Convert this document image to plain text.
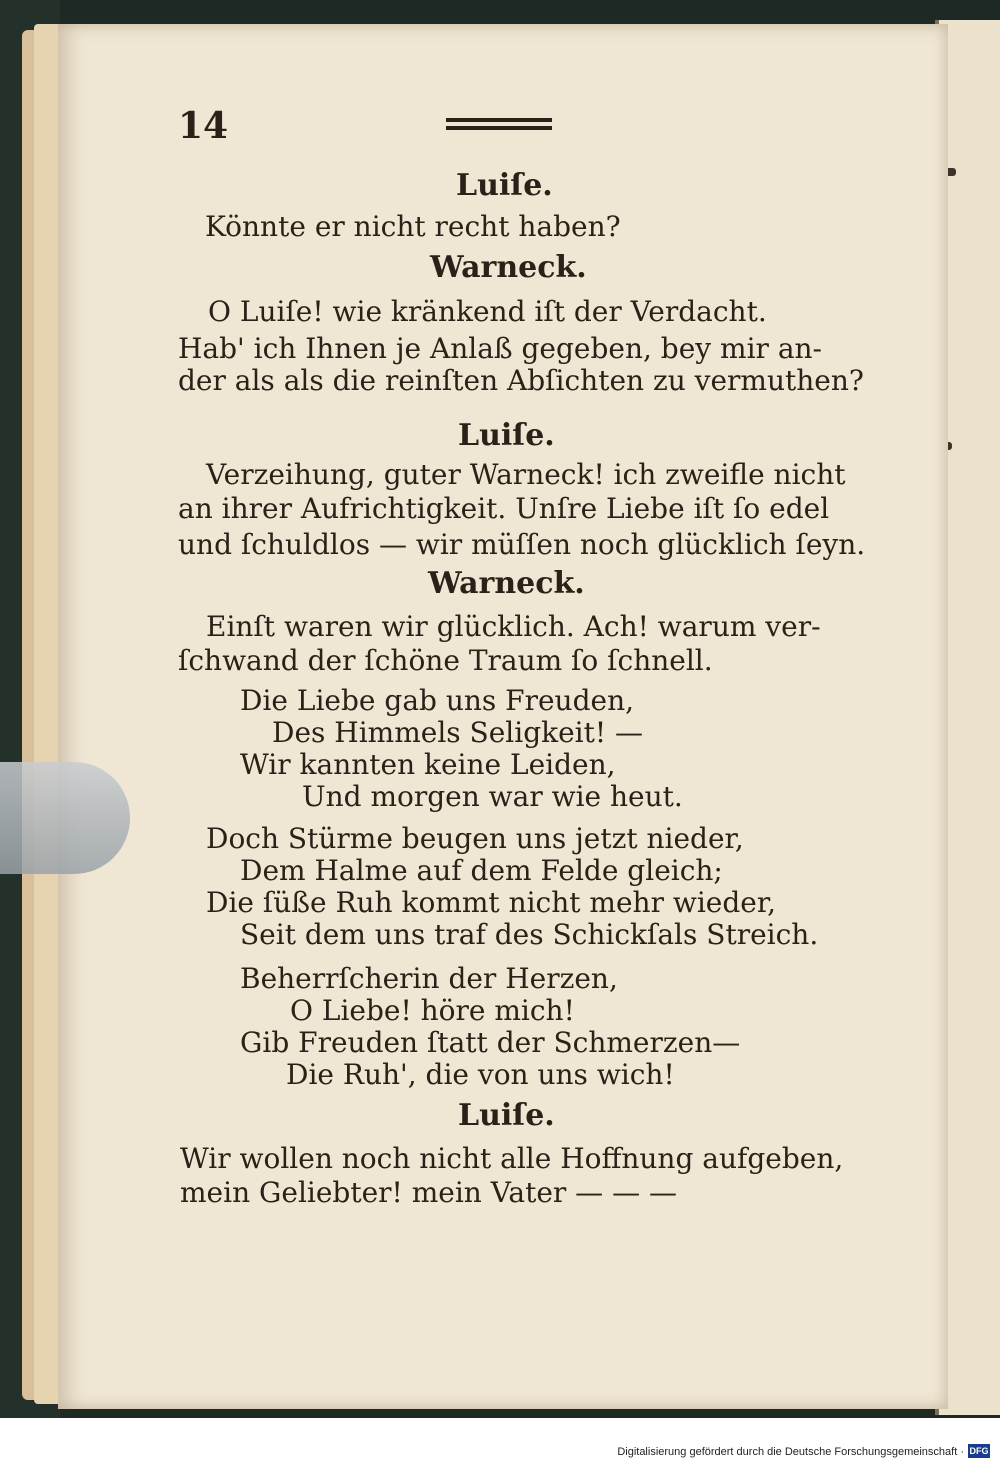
14
Luiſe.
Könnte er nicht recht haben?
Warneck.
O Luiſe! wie kränkend iſt der Verdacht.
Hab' ich Ihnen je Anlaß gegeben, bey mir an-
der als als die reinſten Abſichten zu vermuthen?
Luiſe.
Verzeihung, guter Warneck! ich zweifle nicht
an ihrer Aufrichtigkeit. Unſre Liebe iſt ſo edel
und ſchuldlos — wir müſſen noch glücklich ſeyn.
Warneck.
Einſt waren wir glücklich. Ach! warum ver-
ſchwand der ſchöne Traum ſo ſchnell.
Die Liebe gab uns Freuden,
Des Himmels Seligkeit! —
Wir kannten keine Leiden,
Und morgen war wie heut.
Doch Stürme beugen uns jetzt nieder,
Dem Halme auf dem Felde gleich;
Die ſüße Ruh kommt nicht mehr wieder,
Seit dem uns traf des Schickſals Streich.
Beherrſcherin der Herzen,
O Liebe! höre mich!
Gib Freuden ſtatt der Schmerzen—
Die Ruh', die von uns wich!
Luiſe.
Wir wollen noch nicht alle Hoffnung aufgeben,
mein Geliebter! mein Vater — — —
Digitalisierung gefördert durch die Deutsche Forschungsgemeinschaft · DFG
